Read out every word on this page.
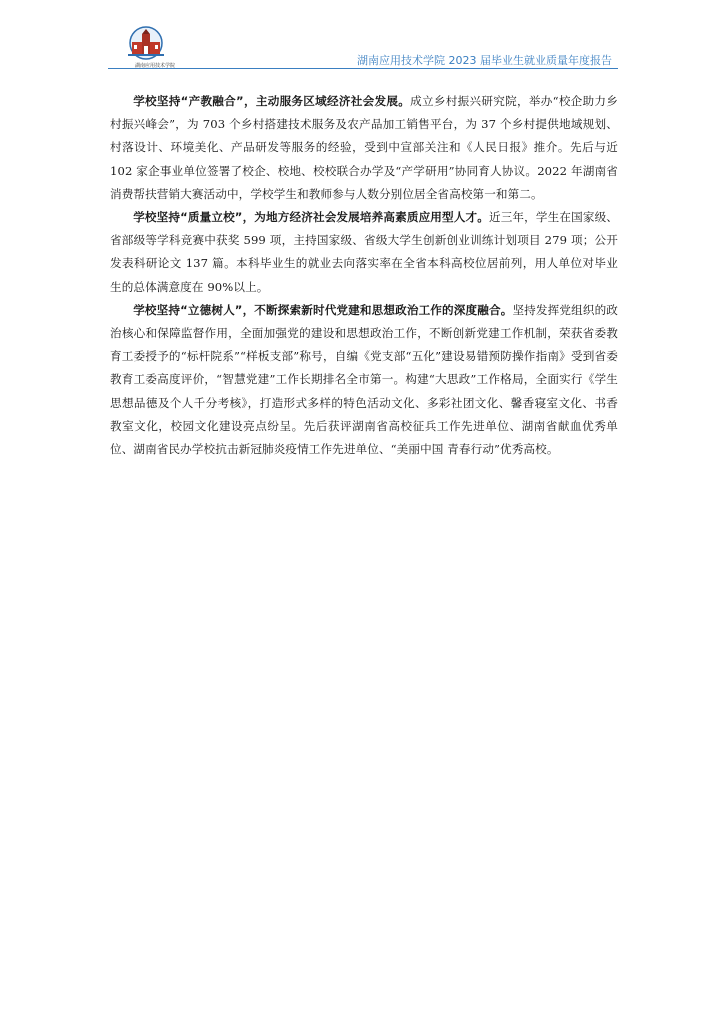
湖南应用技术学院	湖南应用技术学院 2023 届毕业生就业质量年度报告

学校坚持“产教融合”，主动服务区域经济社会发展。成立乡村振兴研究院，举办“校企助力乡村振兴峰会”，为 703 个乡村搭建技术服务及农产品加工销售平台，为 37 个乡村提供地域规划、村落设计、环境美化、产品研发等服务的经验，受到中宣部关注和《人民日报》推介。先后与近 102 家企事业单位签署了校企、校地、校校联合办学及“产学研用”协同育人协议。2022 年湖南省消费帮扶营销大赛活动中，学校学生和教师参与人数分别位居全省高校第一和第二。

学校坚持“质量立校”，为地方经济社会发展培养高素质应用型人才。近三年，学生在国家级、省部级等学科竞赛中获奖 599 项，主持国家级、省级大学生创新创业训练计划项目 279 项；公开发表科研论文 137 篇。本科毕业生的就业去向落实率在全省本科高校位居前列，用人单位对毕业生的总体满意度在 90%以上。

学校坚持“立德树人”，不断探索新时代党建和思想政治工作的深度融合。坚持发挥党组织的政治核心和保障监督作用，全面加强党的建设和思想政治工作，不断创新党建工作机制，荣获省委教育工委授予的“标杆院系”“样板支部”称号，自编《党支部“五化”建设易错预防操作指南》受到省委教育工委高度评价，“智慧党建”工作长期排名全市第一。构建“大思政”工作格局，全面实行《学生思想品德及个人千分考核》，打造形式多样的特色活动文化、多彩社团文化、馨香寝室文化、书香教室文化，校园文化建设亮点纷呈。先后获评湖南省高校征兵工作先进单位、湖南省献血优秀单位、湖南省民办学校抗击新冠肺炎疫情工作先进单位、“美丽中国 青春行动”优秀高校。
